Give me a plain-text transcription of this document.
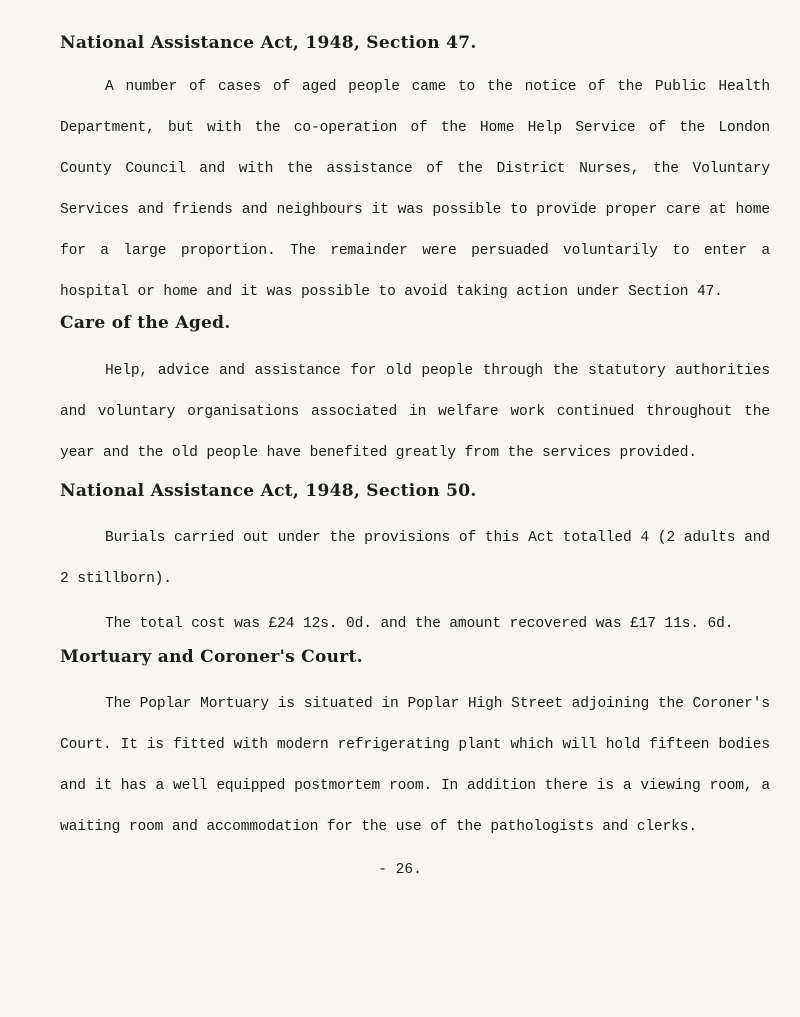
National Assistance Act, 1948, Section 47.

A number of cases of aged people came to the notice of the Public Health Department, but with the co-operation of the Home Help Service of the London County Council and with the assistance of the District Nurses, the Voluntary Services and friends and neighbours it was possible to provide proper care at home for a large proportion. The remainder were persuaded voluntarily to enter a hospital or home and it was possible to avoid taking action under Section 47.

Care of the Aged.

Help, advice and assistance for old people through the statutory authorities and voluntary organisations associated in welfare work continued throughout the year and the old people have benefited greatly from the services provided.

National Assistance Act, 1948, Section 50.

Burials carried out under the provisions of this Act totalled 4 (2 adults and 2 stillborn).

The total cost was £24 12s. 0d. and the amount recovered was £17 11s. 6d.

Mortuary and Coroner's Court.

The Poplar Mortuary is situated in Poplar High Street adjoining the Coroner's Court. It is fitted with modern refrigerating plant which will hold fifteen bodies and it has a well equipped postmortem room. In addition there is a viewing room, a waiting room and accommodation for the use of the pathologists and clerks.

- 26.
